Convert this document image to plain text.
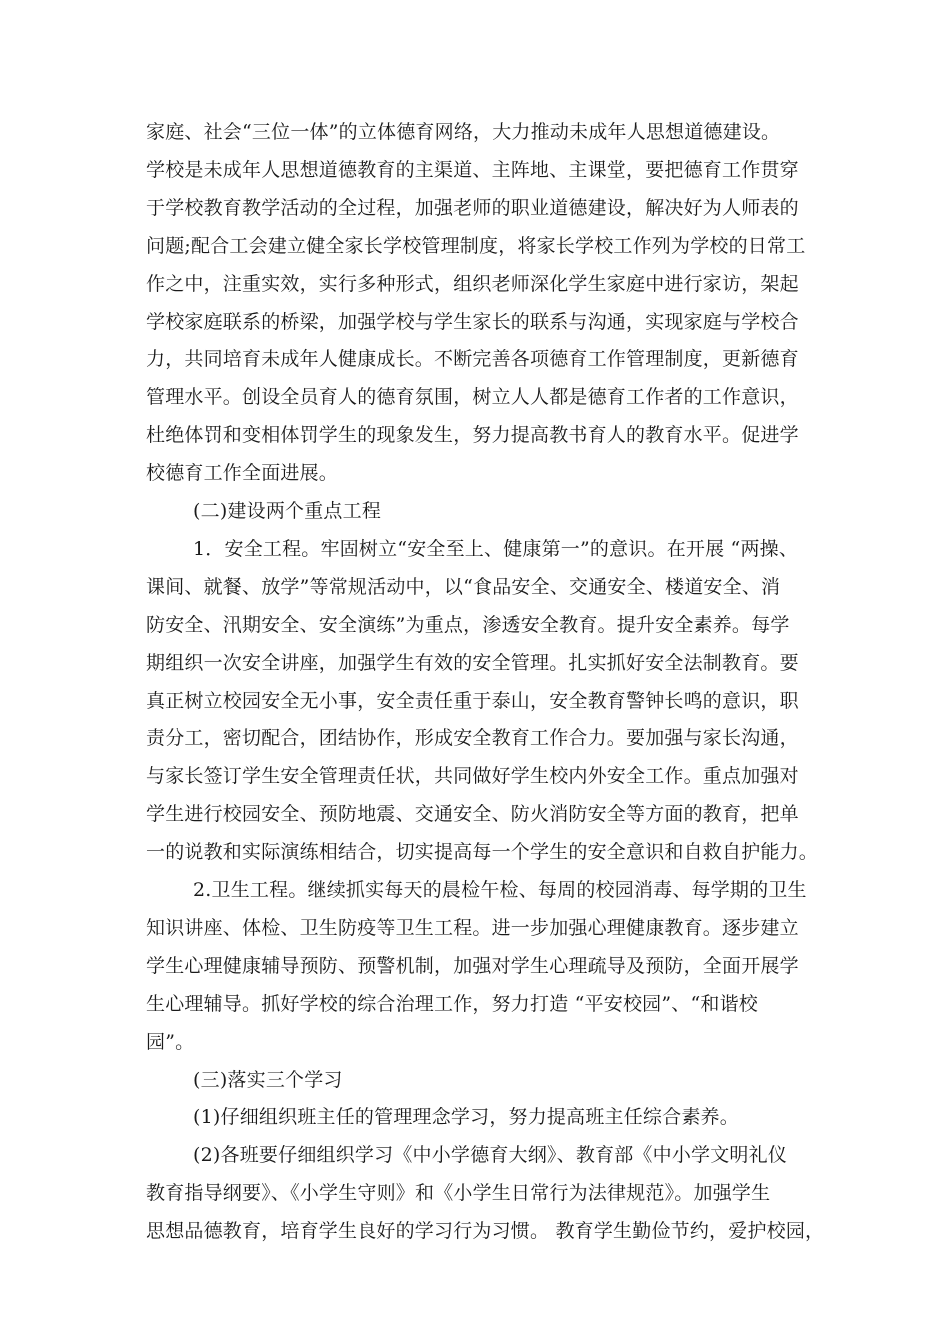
家庭、社会“三位一体”的立体德育网络，大力推动未成年人思想道德建设。
学校是未成年人思想道德教育的主渠道、主阵地、主课堂，要把德育工作贯穿
于学校教育教学活动的全过程，加强老师的职业道德建设，解决好为人师表的
问题;配合工会建立健全家长学校管理制度，将家长学校工作列为学校的日常工
作之中，注重实效，实行多种形式，组织老师深化学生家庭中进行家访，架起
学校家庭联系的桥梁，加强学校与学生家长的联系与沟通，实现家庭与学校合
力，共同培育未成年人健康成长。不断完善各项德育工作管理制度，更新德育
管理水平。创设全员育人的德育氛围，树立人人都是德育工作者的工作意识，
杜绝体罚和变相体罚学生的现象发生，努力提高教书育人的教育水平。促进学
校德育工作全面进展。
(二)建设两个重点工程
1．安全工程。牢固树立“安全至上、健康第一”的意识。在开展 “两操、
课间、就餐、放学”等常规活动中，以“食品安全、交通安全、楼道安全、消
防安全、汛期安全、安全演练”为重点，渗透安全教育。提升安全素养。每学
期组织一次安全讲座，加强学生有效的安全管理。扎实抓好安全法制教育。要
真正树立校园安全无小事，安全责任重于泰山，安全教育警钟长鸣的意识，职
责分工，密切配合，团结协作，形成安全教育工作合力。要加强与家长沟通，
与家长签订学生安全管理责任状，共同做好学生校内外安全工作。重点加强对
学生进行校园安全、预防地震、交通安全、防火消防安全等方面的教育，把单
一的说教和实际演练相结合，切实提高每一个学生的安全意识和自救自护能力。
2.卫生工程。继续抓实每天的晨检午检、每周的校园消毒、每学期的卫生
知识讲座、体检、卫生防疫等卫生工程。进一步加强心理健康教育。逐步建立
学生心理健康辅导预防、预警机制，加强对学生心理疏导及预防，全面开展学
生心理辅导。抓好学校的综合治理工作，努力打造 “平安校园”、“和谐校
园”。
(三)落实三个学习
(1)仔细组织班主任的管理理念学习，努力提高班主任综合素养。
(2)各班要仔细组织学习《中小学德育大纲》、教育部《中小学文明礼仪
教育指导纲要》、《小学生守则》和《小学生日常行为法律规范》。加强学生
思想品德教育，培育学生良好的学习行为习惯。 教育学生勤俭节约，爱护校园，
